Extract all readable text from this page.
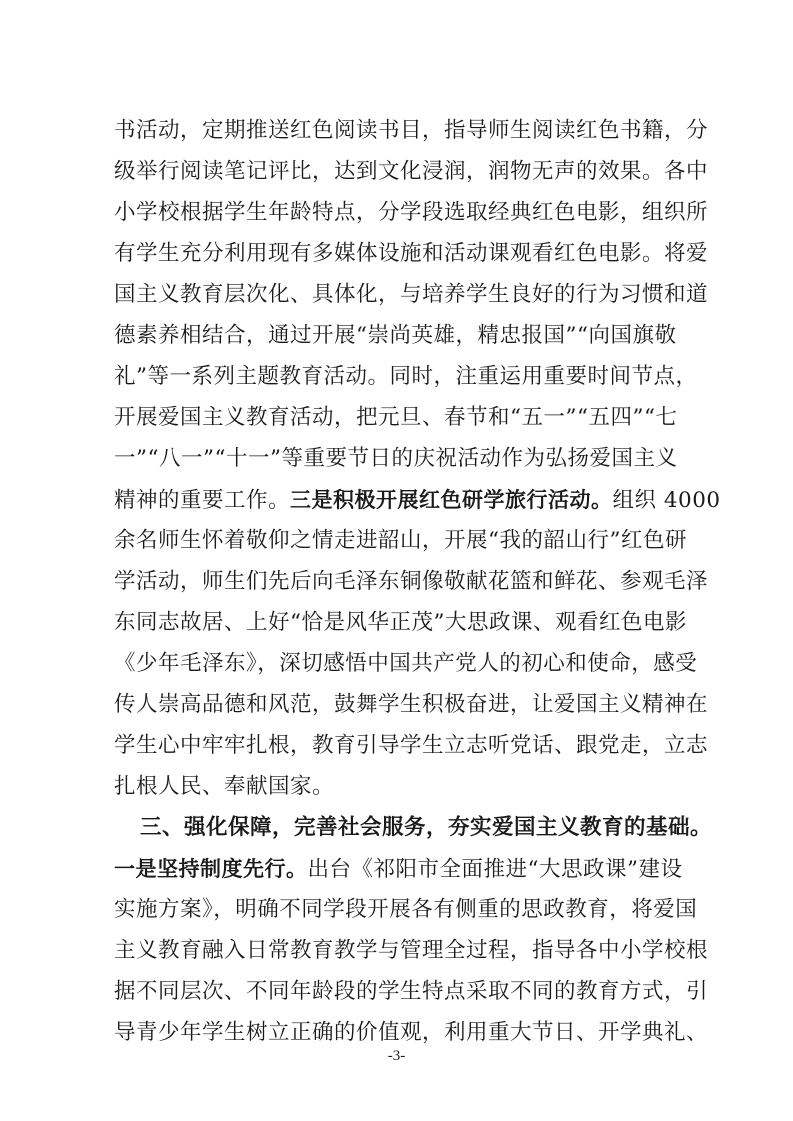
书活动，定期推送红色阅读书目，指导师生阅读红色书籍，分
级举行阅读笔记评比，达到文化浸润，润物无声的效果。各中
小学校根据学生年龄特点，分学段选取经典红色电影，组织所
有学生充分利用现有多媒体设施和活动课观看红色电影。将爱
国主义教育层次化、具体化，与培养学生良好的行为习惯和道
德素养相结合，通过开展“崇尚英雄，精忠报国”“向国旗敬
礼”等一系列主题教育活动。同时，注重运用重要时间节点，
开展爱国主义教育活动，把元旦、春节和“五一”“五四”“七
一”“八一”“十一”等重要节日的庆祝活动作为弘扬爱国主义
精神的重要工作。三是积极开展红色研学旅行活动。组织 4000
余名师生怀着敬仰之情走进韶山，开展“我的韶山行”红色研
学活动，师生们先后向毛泽东铜像敬献花篮和鲜花、参观毛泽
东同志故居、上好“恰是风华正茂”大思政课、观看红色电影
《少年毛泽东》，深切感悟中国共产党人的初心和使命，感受
传人崇高品德和风范，鼓舞学生积极奋进，让爱国主义精神在
学生心中牢牢扎根，教育引导学生立志听党话、跟党走，立志
扎根人民、奉献国家。
三、强化保障，完善社会服务，夯实爱国主义教育的基础。
一是坚持制度先行。出台《祁阳市全面推进“大思政课”建设
实施方案》，明确不同学段开展各有侧重的思政教育，将爱国
主义教育融入日常教育教学与管理全过程，指导各中小学校根
-3-
据不同层次、不同年龄段的学生特点采取不同的教育方式，引
导青少年学生树立正确的价值观，利用重大节日、开学典礼、
